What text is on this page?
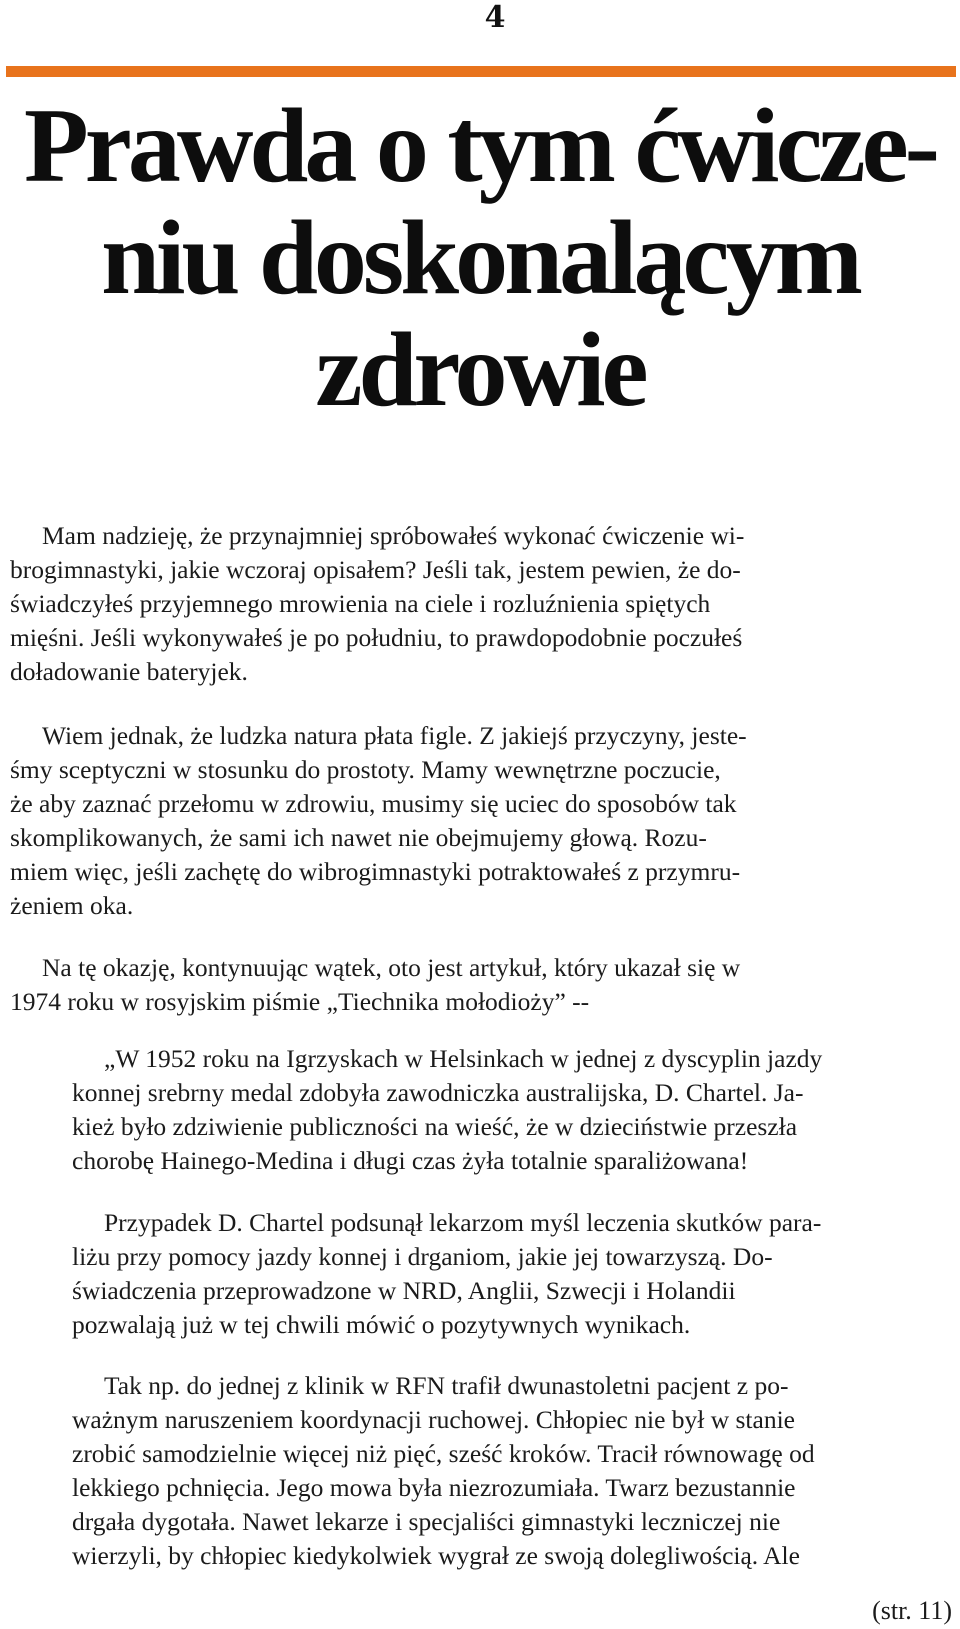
4
Prawda o tym ćwicze-
niu doskonalącym
zdrowie
Mam nadzieję, że przynajmniej spróbowałeś wykonać ćwiczenie wi-
brogimnastyki, jakie wczoraj opisałem? Jeśli tak, jestem pewien, że do-
świadczyłeś przyjemnego mrowienia na ciele i rozluźnienia spiętych
mięśni. Jeśli wykonywałeś je po południu, to prawdopodobnie poczułeś
doładowanie bateryjek.
Wiem jednak, że ludzka natura płata figle. Z jakiejś przyczyny, jeste-
śmy sceptyczni w stosunku do prostoty. Mamy wewnętrzne poczucie,
że aby zaznać przełomu w zdrowiu, musimy się uciec do sposobów tak
skomplikowanych, że sami ich nawet nie obejmujemy głową. Rozu-
miem więc, jeśli zachętę do wibrogimnastyki potraktowałeś z przymru-
żeniem oka.
Na tę okazję, kontynuując wątek, oto jest artykuł, który ukazał się w
1974 roku w rosyjskim piśmie „Tiechnika mołodioży” --
„W 1952 roku na Igrzyskach w Helsinkach w jednej z dyscyplin jazdy
konnej srebrny medal zdobyła zawodniczka australijska, D. Chartel. Ja-
kież było zdziwienie publiczności na wieść, że w dzieciństwie przeszła
chorobę Hainego-Medina i długi czas żyła totalnie sparaliżowana!
Przypadek D. Chartel podsunął lekarzom myśl leczenia skutków para-
liżu przy pomocy jazdy konnej i drganiom, jakie jej towarzyszą. Do-
świadczenia przeprowadzone w NRD, Anglii, Szwecji i Holandii
pozwalają już w tej chwili mówić o pozytywnych wynikach.
Tak np. do jednej z klinik w RFN trafił dwunastoletni pacjent z po-
ważnym naruszeniem koordynacji ruchowej. Chłopiec nie był w stanie
zrobić samodzielnie więcej niż pięć, sześć kroków. Tracił równowagę od
lekkiego pchnięcia. Jego mowa była niezrozumiała. Twarz bezustannie
drgała dygotała. Nawet lekarze i specjaliści gimnastyki leczniczej nie
wierzyli, by chłopiec kiedykolwiek wygrał ze swoją dolegliwością. Ale
(str. 11)
